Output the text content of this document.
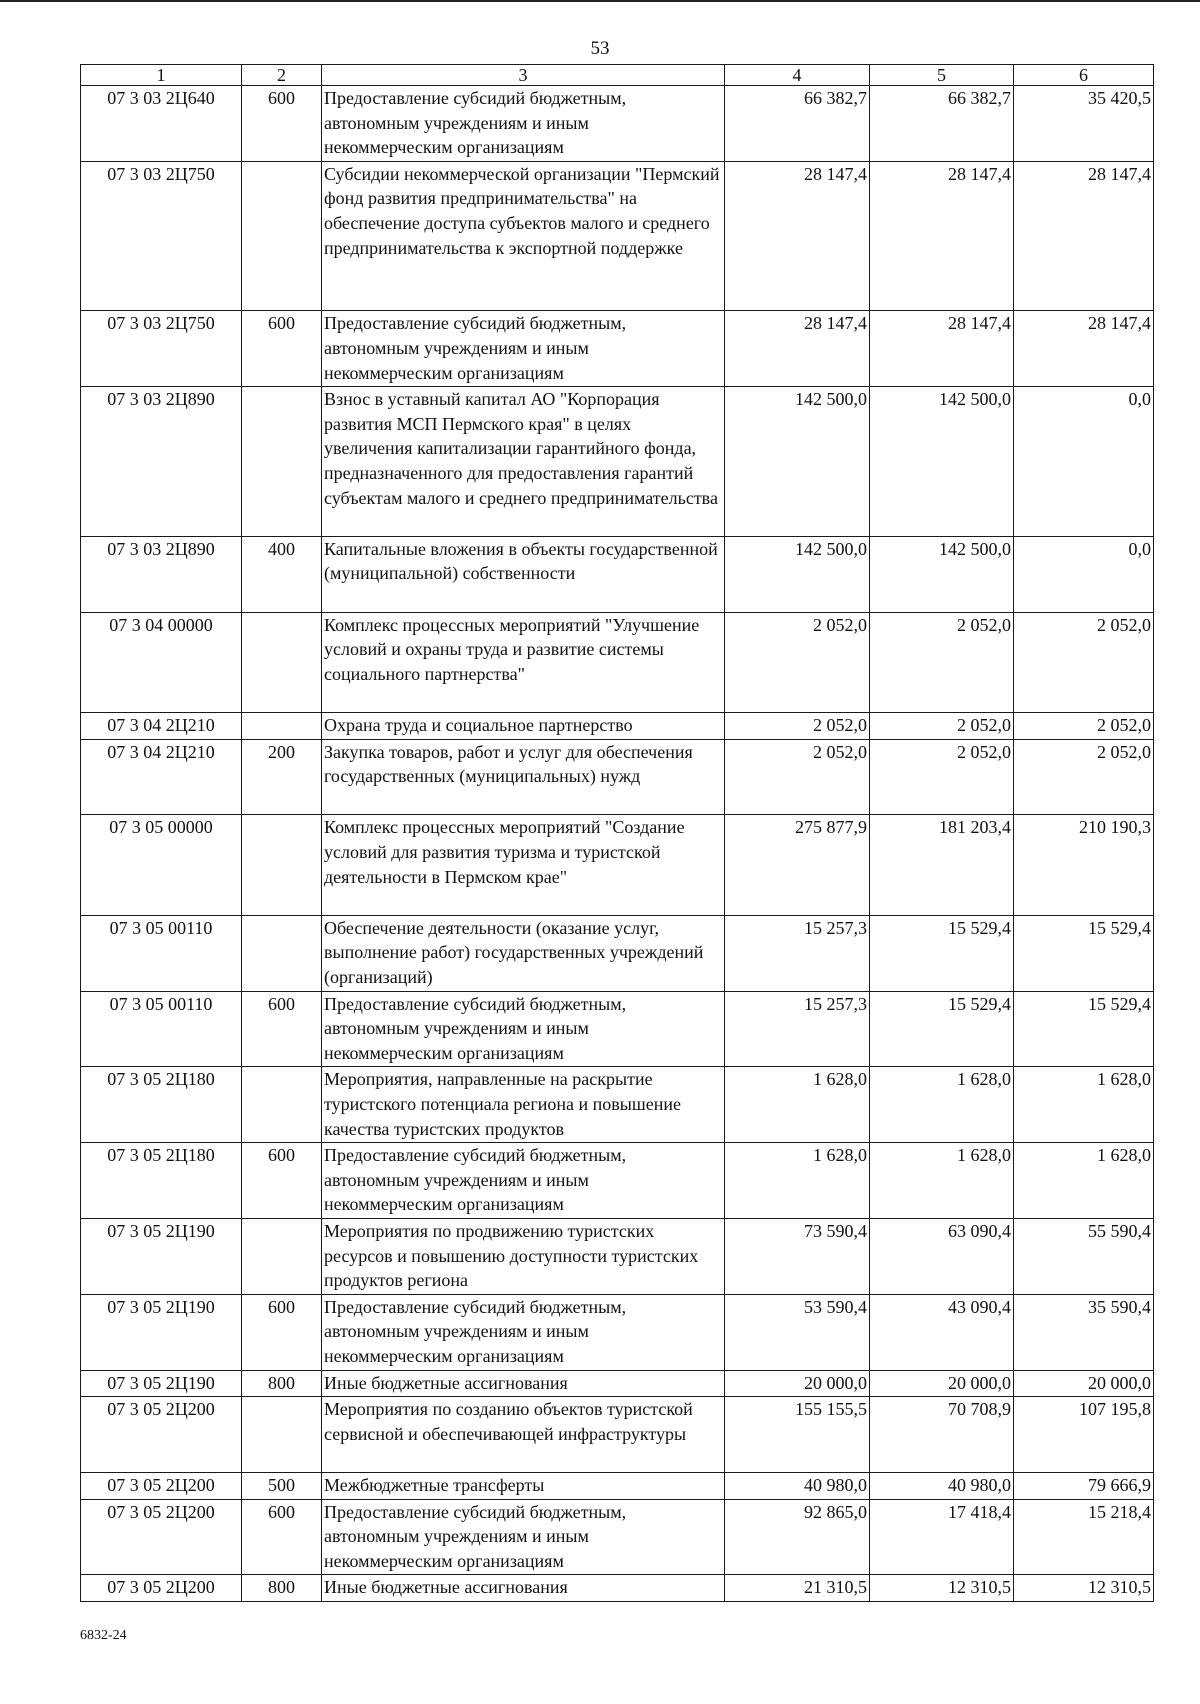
53
1	2	3	4	5	6
07 3 03 2Ц640	600	Предоставление субсидий бюджетным, автономным учреждениям и иным некоммерческим организациям	66 382,7	66 382,7	35 420,5
07 3 03 2Ц750		Субсидии некоммерческой организации "Пермский фонд развития предпринимательства" на обеспечение доступа субъектов малого и среднего предпринимательства к экспортной поддержке	28 147,4	28 147,4	28 147,4
07 3 03 2Ц750	600	Предоставление субсидий бюджетным, автономным учреждениям и иным некоммерческим организациям	28 147,4	28 147,4	28 147,4
07 3 03 2Ц890		Взнос в уставный капитал АО "Корпорация развития МСП Пермского края" в целях увеличения капитализации гарантийного фонда, предназначенного для предоставления гарантий субъектам малого и среднего предпринимательства	142 500,0	142 500,0	0,0
07 3 03 2Ц890	400	Капитальные вложения в объекты государственной (муниципальной) собственности	142 500,0	142 500,0	0,0
07 3 04 00000		Комплекс процессных мероприятий "Улучшение условий и охраны труда и развитие системы социального партнерства"	2 052,0	2 052,0	2 052,0
07 3 04 2Ц210		Охрана труда и социальное партнерство	2 052,0	2 052,0	2 052,0
07 3 04 2Ц210	200	Закупка товаров, работ и услуг для обеспечения государственных (муниципальных) нужд	2 052,0	2 052,0	2 052,0
07 3 05 00000		Комплекс процессных мероприятий "Создание условий для развития туризма и туристской деятельности в Пермском крае"	275 877,9	181 203,4	210 190,3
07 3 05 00110		Обеспечение деятельности (оказание услуг, выполнение работ) государственных учреждений (организаций)	15 257,3	15 529,4	15 529,4
07 3 05 00110	600	Предоставление субсидий бюджетным, автономным учреждениям и иным некоммерческим организациям	15 257,3	15 529,4	15 529,4
07 3 05 2Ц180		Мероприятия, направленные на раскрытие туристского потенциала региона и повышение качества туристских продуктов	1 628,0	1 628,0	1 628,0
07 3 05 2Ц180	600	Предоставление субсидий бюджетным, автономным учреждениям и иным некоммерческим организациям	1 628,0	1 628,0	1 628,0
07 3 05 2Ц190		Мероприятия по продвижению туристских ресурсов и повышению доступности туристских продуктов региона	73 590,4	63 090,4	55 590,4
07 3 05 2Ц190	600	Предоставление субсидий бюджетным, автономным учреждениям и иным некоммерческим организациям	53 590,4	43 090,4	35 590,4
07 3 05 2Ц190	800	Иные бюджетные ассигнования	20 000,0	20 000,0	20 000,0
07 3 05 2Ц200		Мероприятия по созданию объектов туристской сервисной и обеспечивающей инфраструктуры	155 155,5	70 708,9	107 195,8
07 3 05 2Ц200	500	Межбюджетные трансферты	40 980,0	40 980,0	79 666,9
07 3 05 2Ц200	600	Предоставление субсидий бюджетным, автономным учреждениям и иным некоммерческим организациям	92 865,0	17 418,4	15 218,4
07 3 05 2Ц200	800	Иные бюджетные ассигнования	21 310,5	12 310,5	12 310,5
6832-24
